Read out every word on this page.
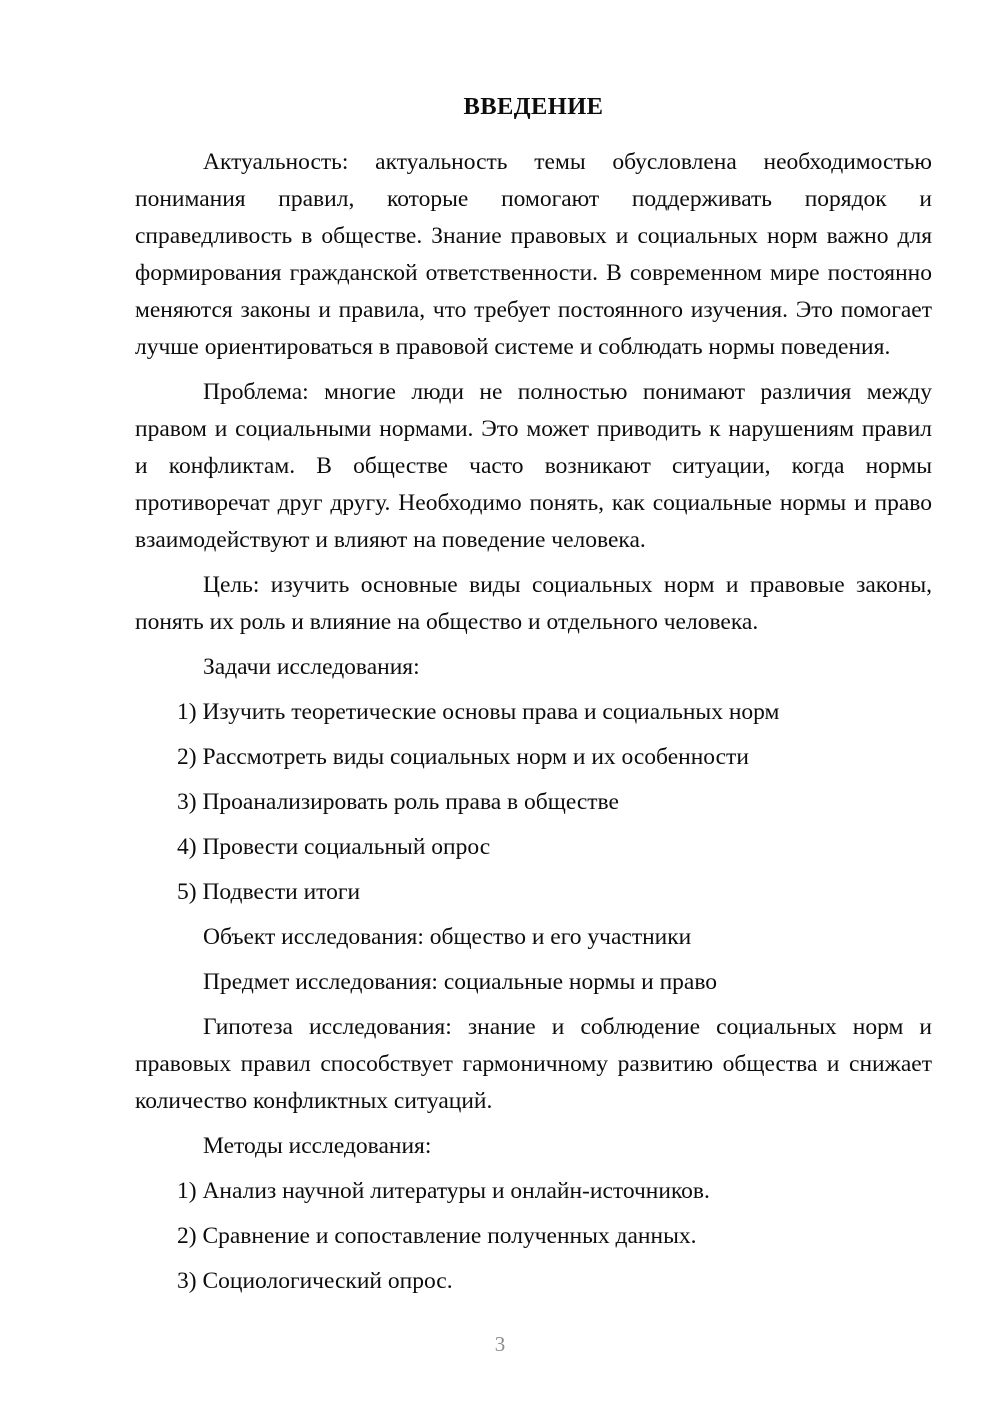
ВВЕДЕНИЕ

Актуальность: актуальность темы обусловлена необходимостью понимания правил, которые помогают поддерживать порядок и справедливость в обществе. Знание правовых и социальных норм важно для формирования гражданской ответственности. В современном мире постоянно меняются законы и правила, что требует постоянного изучения. Это помогает лучше ориентироваться в правовой системе и соблюдать нормы поведения.

Проблема: многие люди не полностью понимают различия между правом и социальными нормами. Это может приводить к нарушениям правил и конфликтам. В обществе часто возникают ситуации, когда нормы противоречат друг другу. Необходимо понять, как социальные нормы и право взаимодействуют и влияют на поведение человека.

Цель: изучить основные виды социальных норм и правовые законы, понять их роль и влияние на общество и отдельного человека.

Задачи исследования:

1) Изучить теоретические основы права и социальных норм

2) Рассмотреть виды социальных норм и их особенности

3) Проанализировать роль права в обществе

4) Провести социальный опрос

5) Подвести итоги

Объект исследования: общество и его участники

Предмет исследования: социальные нормы и право

Гипотеза исследования: знание и соблюдение социальных норм и правовых правил способствует гармоничному развитию общества и снижает количество конфликтных ситуаций.

Методы исследования:

1) Анализ научной литературы и онлайн-источников.

2) Сравнение и сопоставление полученных данных.

3) Социологический опрос.

3
